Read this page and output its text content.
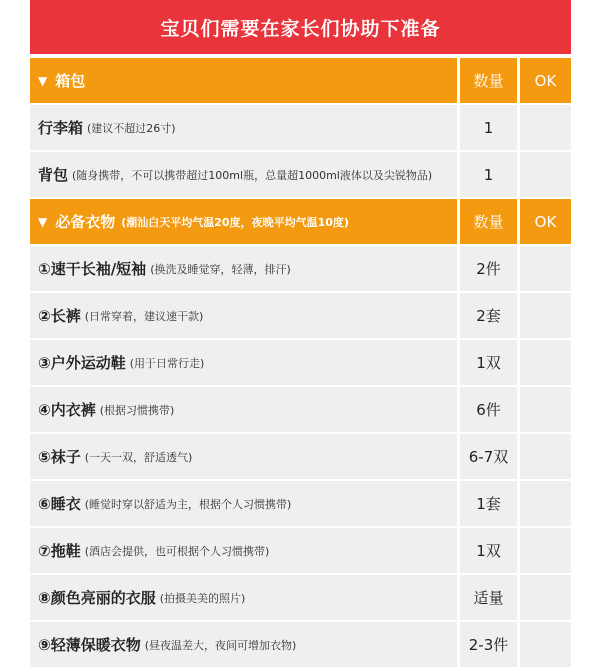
宝贝们需要在家长们协助下准备
▼ 箱包	数量	OK
行李箱 (建议不超过26寸)	1
背包 (随身携带，不可以携带超过100ml瓶，总量超1000ml液体以及尖锐物品)	1
▼ 必备衣物 (潮汕白天平均气温20度，夜晚平均气温10度)	数量	OK
①速干长袖/短袖 (换洗及睡觉穿，轻薄，排汗)	2件
②长裤 (日常穿着，建议速干款)	2套
③户外运动鞋 (用于日常行走)	1双
④内衣裤 (根据习惯携带)	6件
⑤袜子 (一天一双，舒适透气)	6-7双
⑥睡衣 (睡觉时穿以舒适为主，根据个人习惯携带)	1套
⑦拖鞋 (酒店会提供，也可根据个人习惯携带)	1双
⑧颜色亮丽的衣服 (拍摄美美的照片)	适量
⑨轻薄保暖衣物 (昼夜温差大，夜间可增加衣物)	2-3件
